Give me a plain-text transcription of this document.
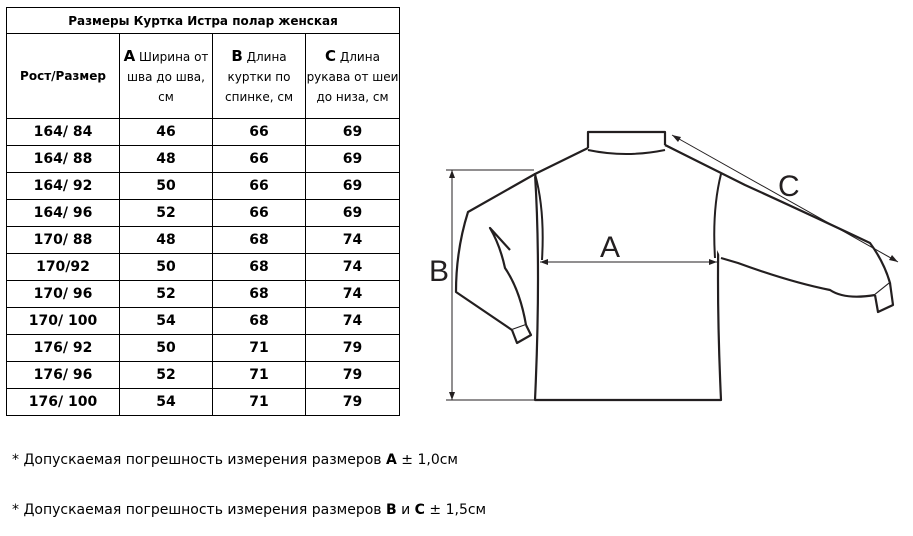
Размеры Куртка Истра полар женская			
Рост/Размер	A Ширина от шва до шва, см	B Длина куртки по спинке, см	C Длина рукава от шеи до низа, см
164/ 84	46	66	69
164/ 88	48	66	69
164/ 92	50	66	69
164/ 96	52	66	69
170/ 88	48	68	74
170/92	50	68	74
170/ 96	52	68	74
170/ 100	54	68	74
176/ 92	50	71	79
176/ 96	52	71	79
176/ 100	54	71	79
* Допускаемая погрешность измерения размеров A ± 1,0см
* Допускаемая погрешность измерения размеров B и C ± 1,5см
A
B
C
